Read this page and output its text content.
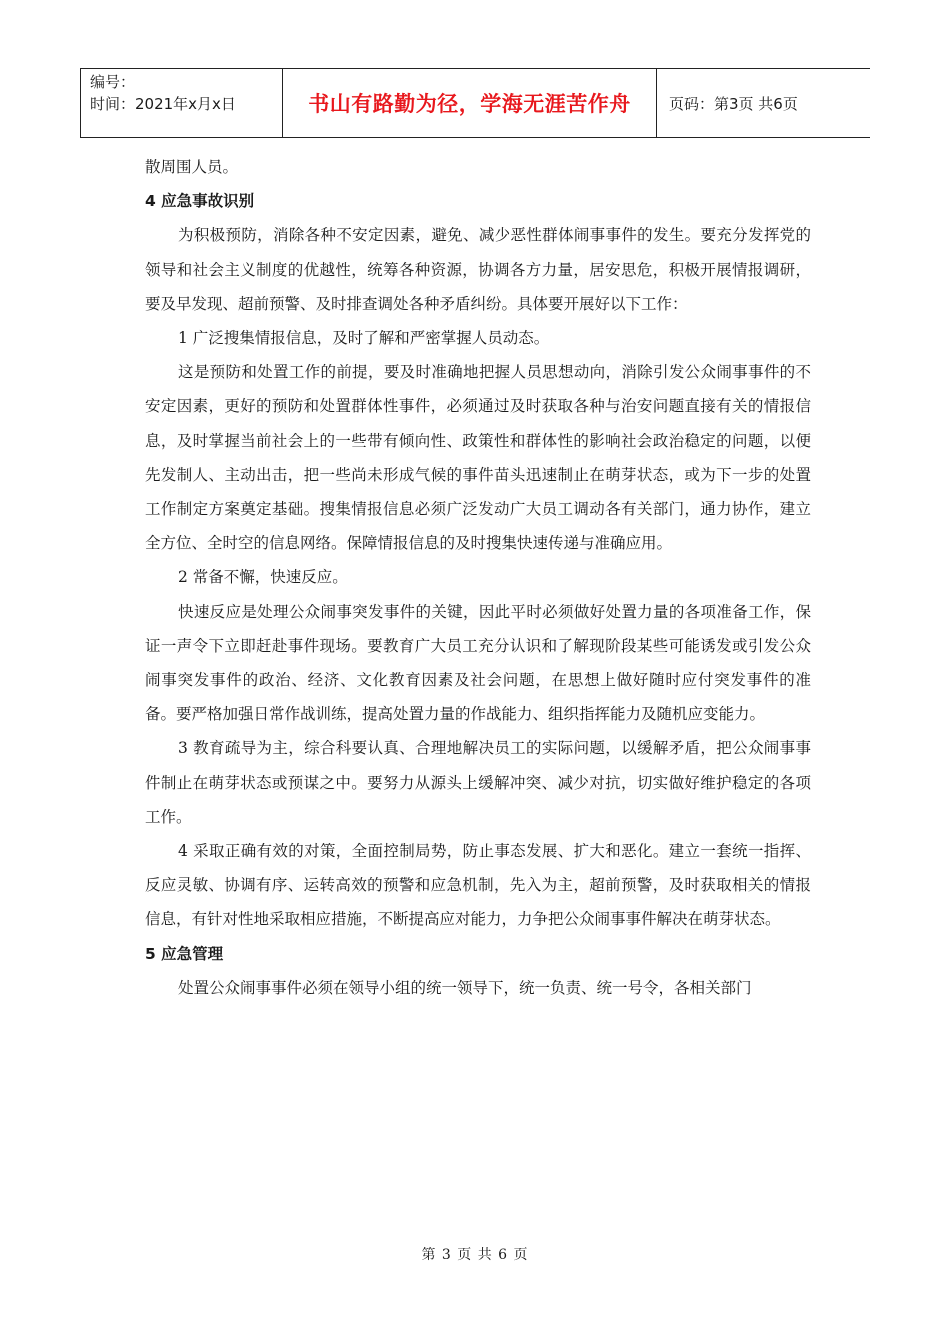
编号：
时间：2021年x月x日	书山有路勤为径，学海无涯苦作舟	页码：第3页 共6页

散周围人员。

4 应急事故识别

为积极预防，消除各种不安定因素，避免、减少恶性群体闹事事件的发生。要充分发挥党的领导和社会主义制度的优越性，统筹各种资源，协调各方力量，居安思危，积极开展情报调研，要及早发现、超前预警、及时排查调处各种矛盾纠纷。具体要开展好以下工作：

1 广泛搜集情报信息，及时了解和严密掌握人员动态。

这是预防和处置工作的前提，要及时准确地把握人员思想动向，消除引发公众闹事事件的不安定因素，更好的预防和处置群体性事件，必须通过及时获取各种与治安问题直接有关的情报信息，及时掌握当前社会上的一些带有倾向性、政策性和群体性的影响社会政治稳定的问题，以便先发制人、主动出击，把一些尚未形成气候的事件苗头迅速制止在萌芽状态，或为下一步的处置工作制定方案奠定基础。搜集情报信息必须广泛发动广大员工调动各有关部门，通力协作，建立全方位、全时空的信息网络。保障情报信息的及时搜集快速传递与准确应用。

2 常备不懈，快速反应。

快速反应是处理公众闹事突发事件的关键，因此平时必须做好处置力量的各项准备工作，保证一声令下立即赶赴事件现场。要教育广大员工充分认识和了解现阶段某些可能诱发或引发公众闹事突发事件的政治、经济、文化教育因素及社会问题，在思想上做好随时应付突发事件的准备。要严格加强日常作战训练，提高处置力量的作战能力、组织指挥能力及随机应变能力。

3 教育疏导为主，综合科要认真、合理地解决员工的实际问题，以缓解矛盾，把公众闹事事件制止在萌芽状态或预谋之中。要努力从源头上缓解冲突、减少对抗，切实做好维护稳定的各项工作。

4 采取正确有效的对策，全面控制局势，防止事态发展、扩大和恶化。建立一套统一指挥、反应灵敏、协调有序、运转高效的预警和应急机制，先入为主，超前预警，及时获取相关的情报信息，有针对性地采取相应措施，不断提高应对能力，力争把公众闹事事件解决在萌芽状态。

5 应急管理

处置公众闹事事件必须在领导小组的统一领导下，统一负责、统一号令，各相关部门

第 3 页 共 6 页
